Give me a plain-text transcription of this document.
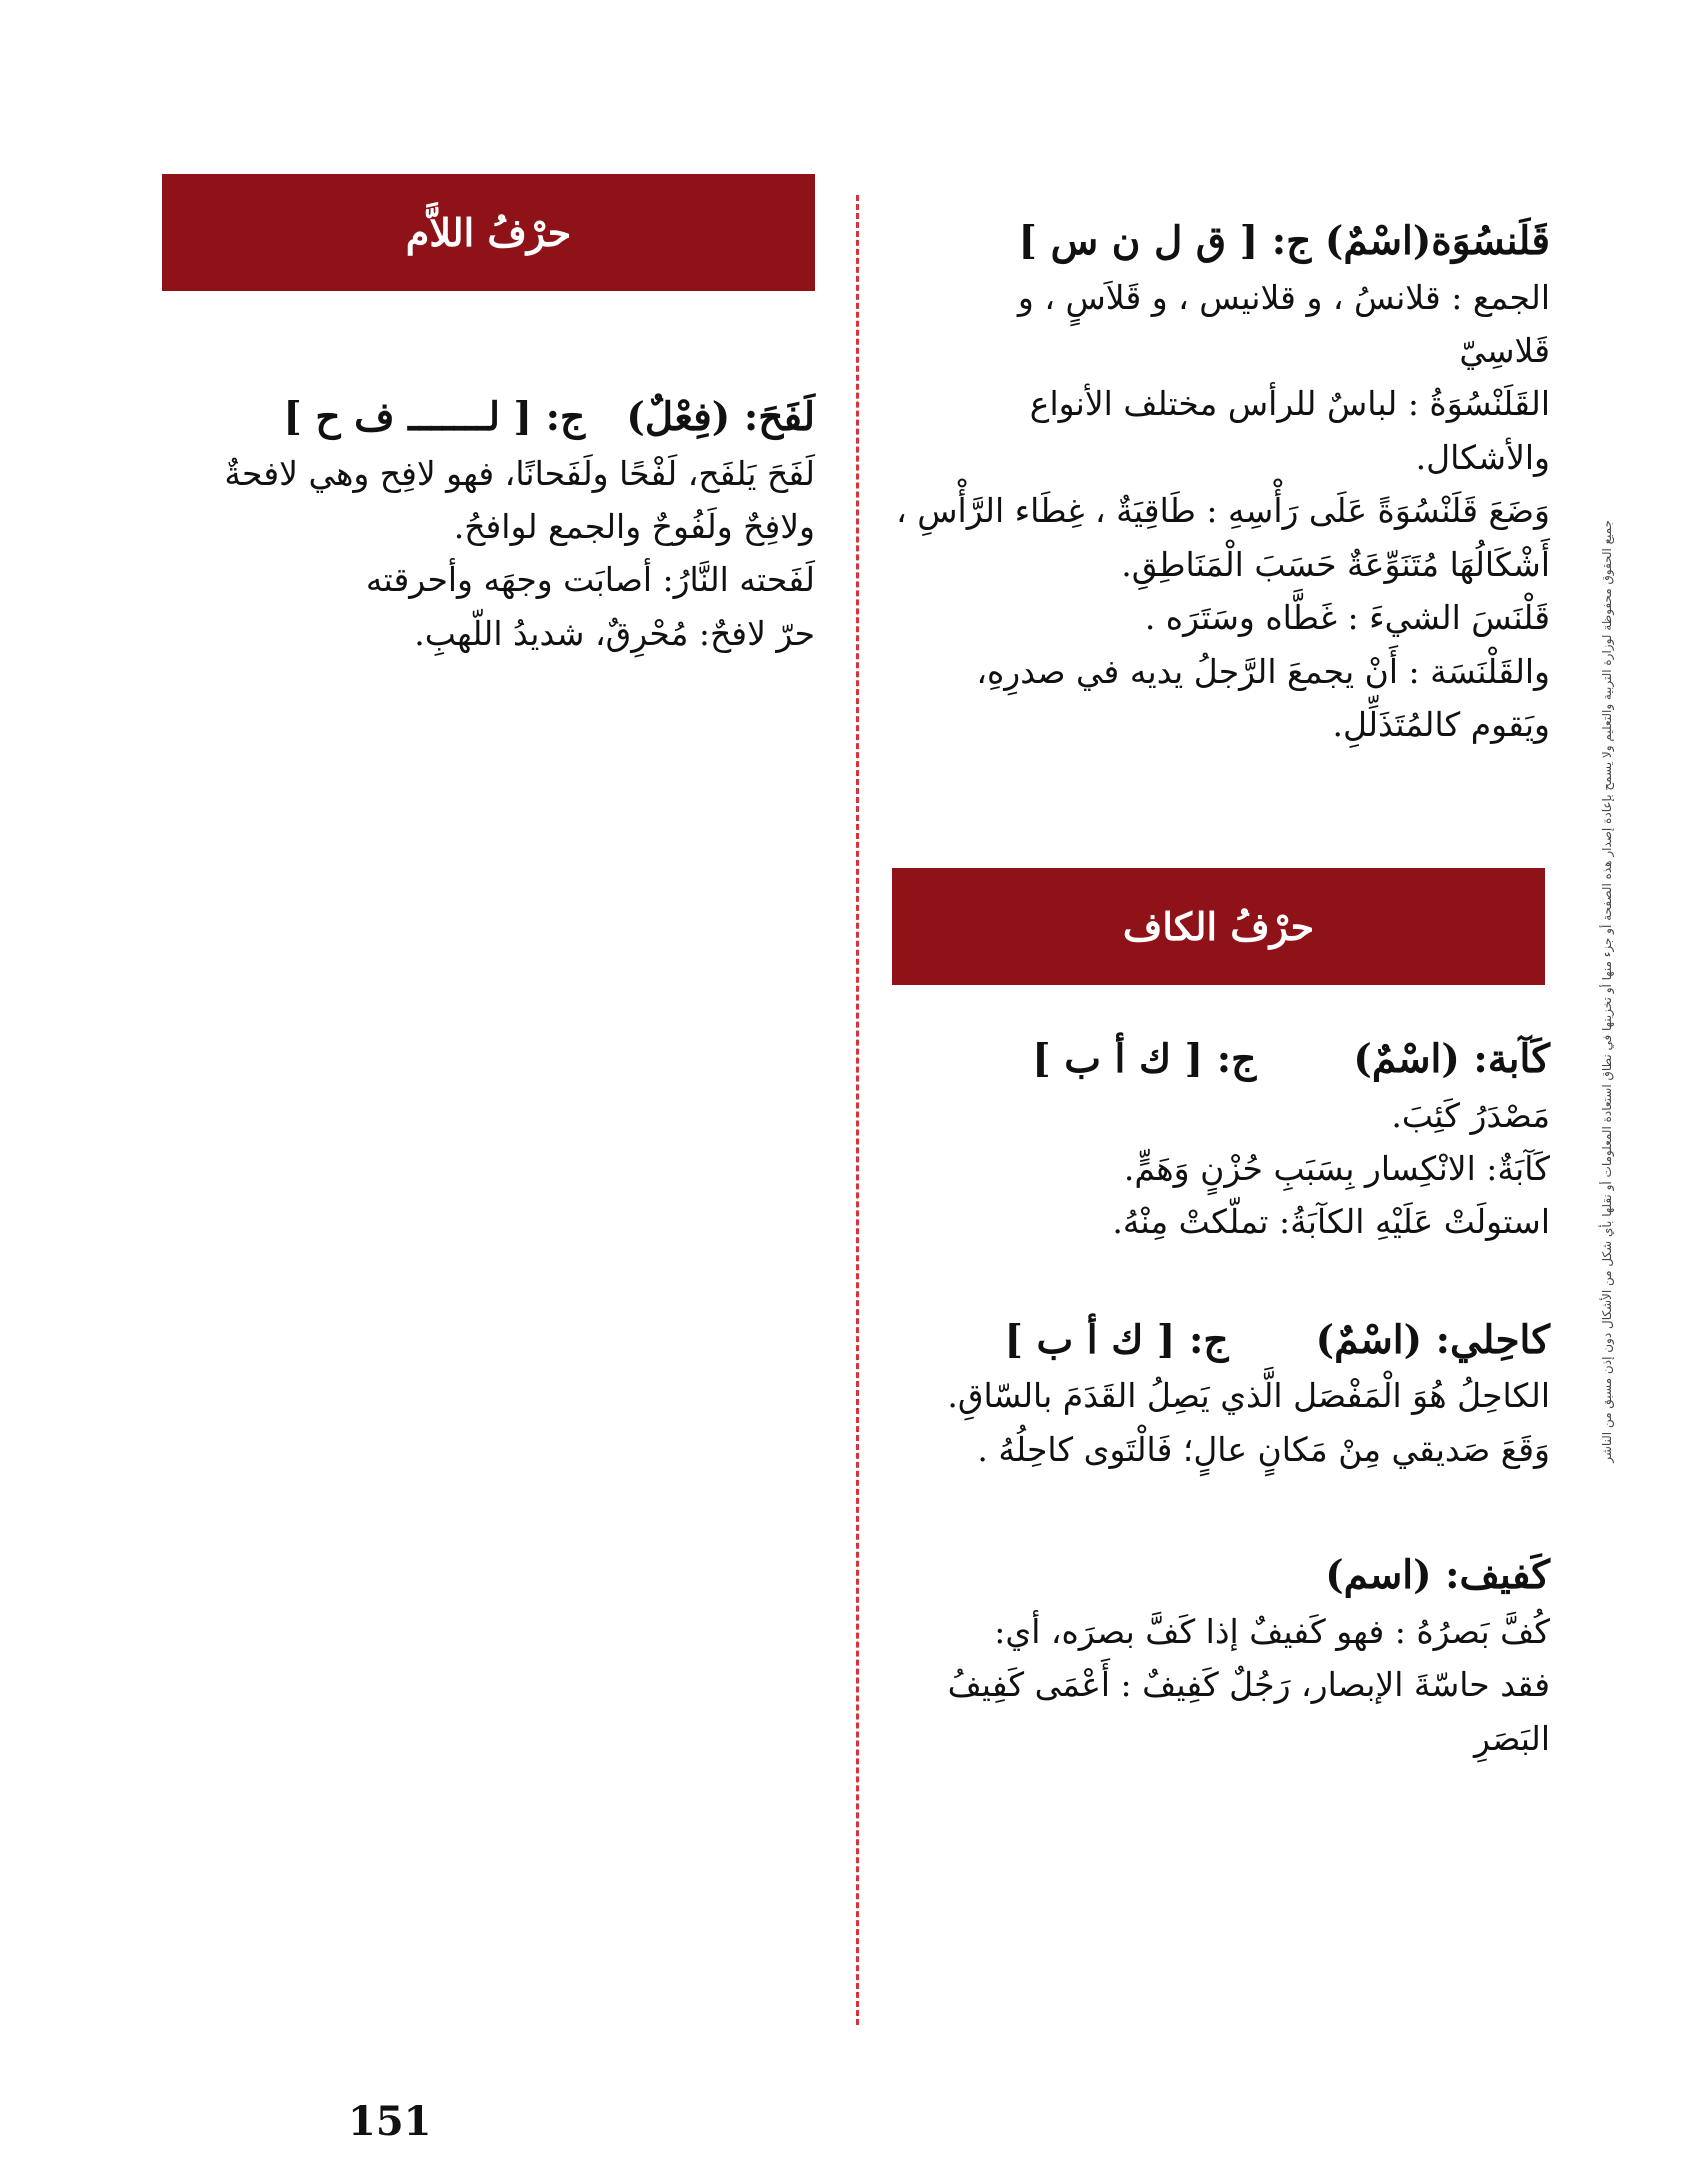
حرْفُ اللاَّم
لَفَحَ: (فِعْلٌ)  ج: [ لـــــــ ف ح ]
لَفَحَ يَلفَح، لَفْحًا ولَفَحانًا، فهو لافِح وهي لافحةٌ
ولافِحٌ ولَفُوحٌ والجمع لوافحُ.
لَفَحته النَّارُ: أصابَت وجهَه وأحرقته
حرّ لافحٌ: مُحْرِقٌ، شديدُ اللّهبِ.
قَلَنسُوَة(اسْمٌ) ج: [ ق ل ن س ]
الجمع : قلانسُ ، و قلانيس ، و قَلاَسٍ ، و
قَلاسِيّ
القَلَنْسُوَةُ : لباسٌ للرأس مختلف الأنواع
والأشكال.
وَضَعَ قَلَنْسُوَةً عَلَى رَأْسِهِ : طَاقِيَةٌ ، غِطَاء الرَّأْسِ ،
أَشْكَالُهَا مُتَنَوِّعَةٌ حَسَبَ الْمَنَاطِقِ.
قَلْنَسَ الشيءَ : غَطَّاه وسَتَرَه .
والقَلْنَسَة : أَنْ يجمعَ الرَّجلُ يديه في صدرِهِ،
ويَقوم كالمُتَذَلِّلِ.
حرْفُ الكاف
كَآبة: (اسْمٌ)  ج: [ ك أ ب ]
مَصْدَرُ كَئِبَ.
كَآبَةٌ: الانْكِسار بِسَبَبِ حُزْنٍ وَهَمٍّ.
استولَتْ عَلَيْهِ الكآبَةُ: تملّكتْ مِنْهُ.
كاحِلي: (اسْمٌ)  ج: [ ك أ ب ]
الكاحِلُ هُوَ الْمَفْصَل الَّذي يَصِلُ القَدَمَ بالسّاقِ.
وَقَعَ صَديقي مِنْ مَكانٍ عالٍ؛ فَالْتَوى كاحِلُهُ .
كَفيف: (اسم)
كُفَّ بَصرُهُ : فهو كَفيفٌ إذا كَفَّ بصرَه، أي:
فقد حاسّةَ الإبصار، رَجُلٌ كَفِيفٌ : أَعْمَى كَفِيفُ
البَصَرِ
جميع الحقوق محفوظة لوزارة التربية والتعليم ولا يسمح بإعادة إصدار هذه الصفحة أو جزء منها أو تخزينها في نطاق استعادة المعلومات أو نقلها بأي شكل من الأشكال دون إذن مسبق من الناشر
151
